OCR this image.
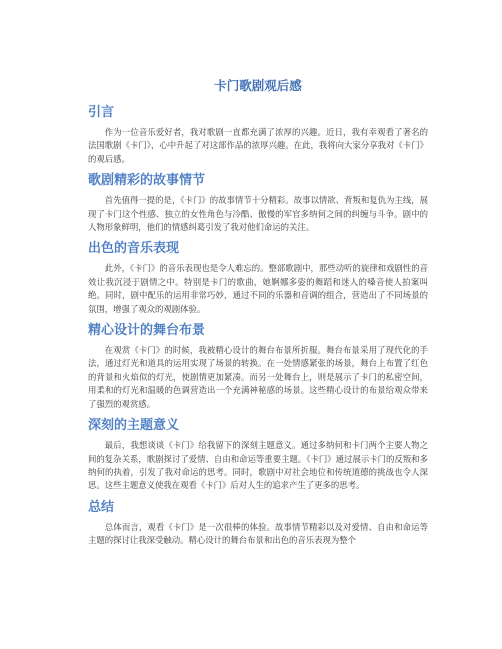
卡门歌剧观后感
引言

作为一位音乐爱好者，我对歌剧一直都充满了浓厚的兴趣。近日，我有幸观看了著名的法国歌剧《卡门》，心中升起了对这部作品的浓厚兴趣。在此，我将向大家分享我对《卡门》的观后感。

歌剧精彩的故事情节

首先值得一提的是，《卡门》的故事情节十分精彩。故事以情欲、背叛和复仇为主线，展现了卡门这个性感、独立的女性角色与冷酷、傲慢的军官多纳何之间的纠缠与斗争。剧中的人物形象鲜明，他们的情感纠葛引发了我对他们命运的关注。

出色的音乐表现

此外，《卡门》的音乐表现也是令人难忘的。整部歌剧中，那些动听的旋律和戏剧性的音效让我沉浸于剧情之中。特别是卡门的歌曲，她婀娜多姿的舞蹈和迷人的嗓音使人拍案叫绝。同时，剧中配乐的运用非常巧妙，通过不同的乐器和音调的组合，营造出了不同场景的氛围，增强了观众的观剧体验。

精心设计的舞台布景

在观赏《卡门》的时候，我被精心设计的舞台布景所折服。舞台布景采用了现代化的手法，通过灯光和道具的运用实现了场景的转换。在一处情感紧张的场景，舞台上布置了红色的背景和火焰似的灯光，使剧情更加紧凑。而另一处舞台上，则是展示了卡门的私密空间，用柔和的灯光和温暖的色调营造出一个充满神秘感的场景。这些精心设计的布景给观众带来了强烈的观赏感。

深刻的主题意义

最后，我想谈谈《卡门》给我留下的深刻主题意义。通过多纳何和卡门两个主要人物之间的复杂关系，歌剧探讨了爱情、自由和命运等重要主题。《卡门》通过展示卡门的反叛和多纳何的执着，引发了我对命运的思考。同时，歌剧中对社会地位和传统道德的挑战也令人深思。这些主题意义使我在观看《卡门》后对人生的追求产生了更多的思考。

总结

总体而言，观看《卡门》是一次很棒的体验。故事情节精彩以及对爱情、自由和命运等主题的探讨让我深受触动。精心设计的舞台布景和出色的音乐表现为整个
